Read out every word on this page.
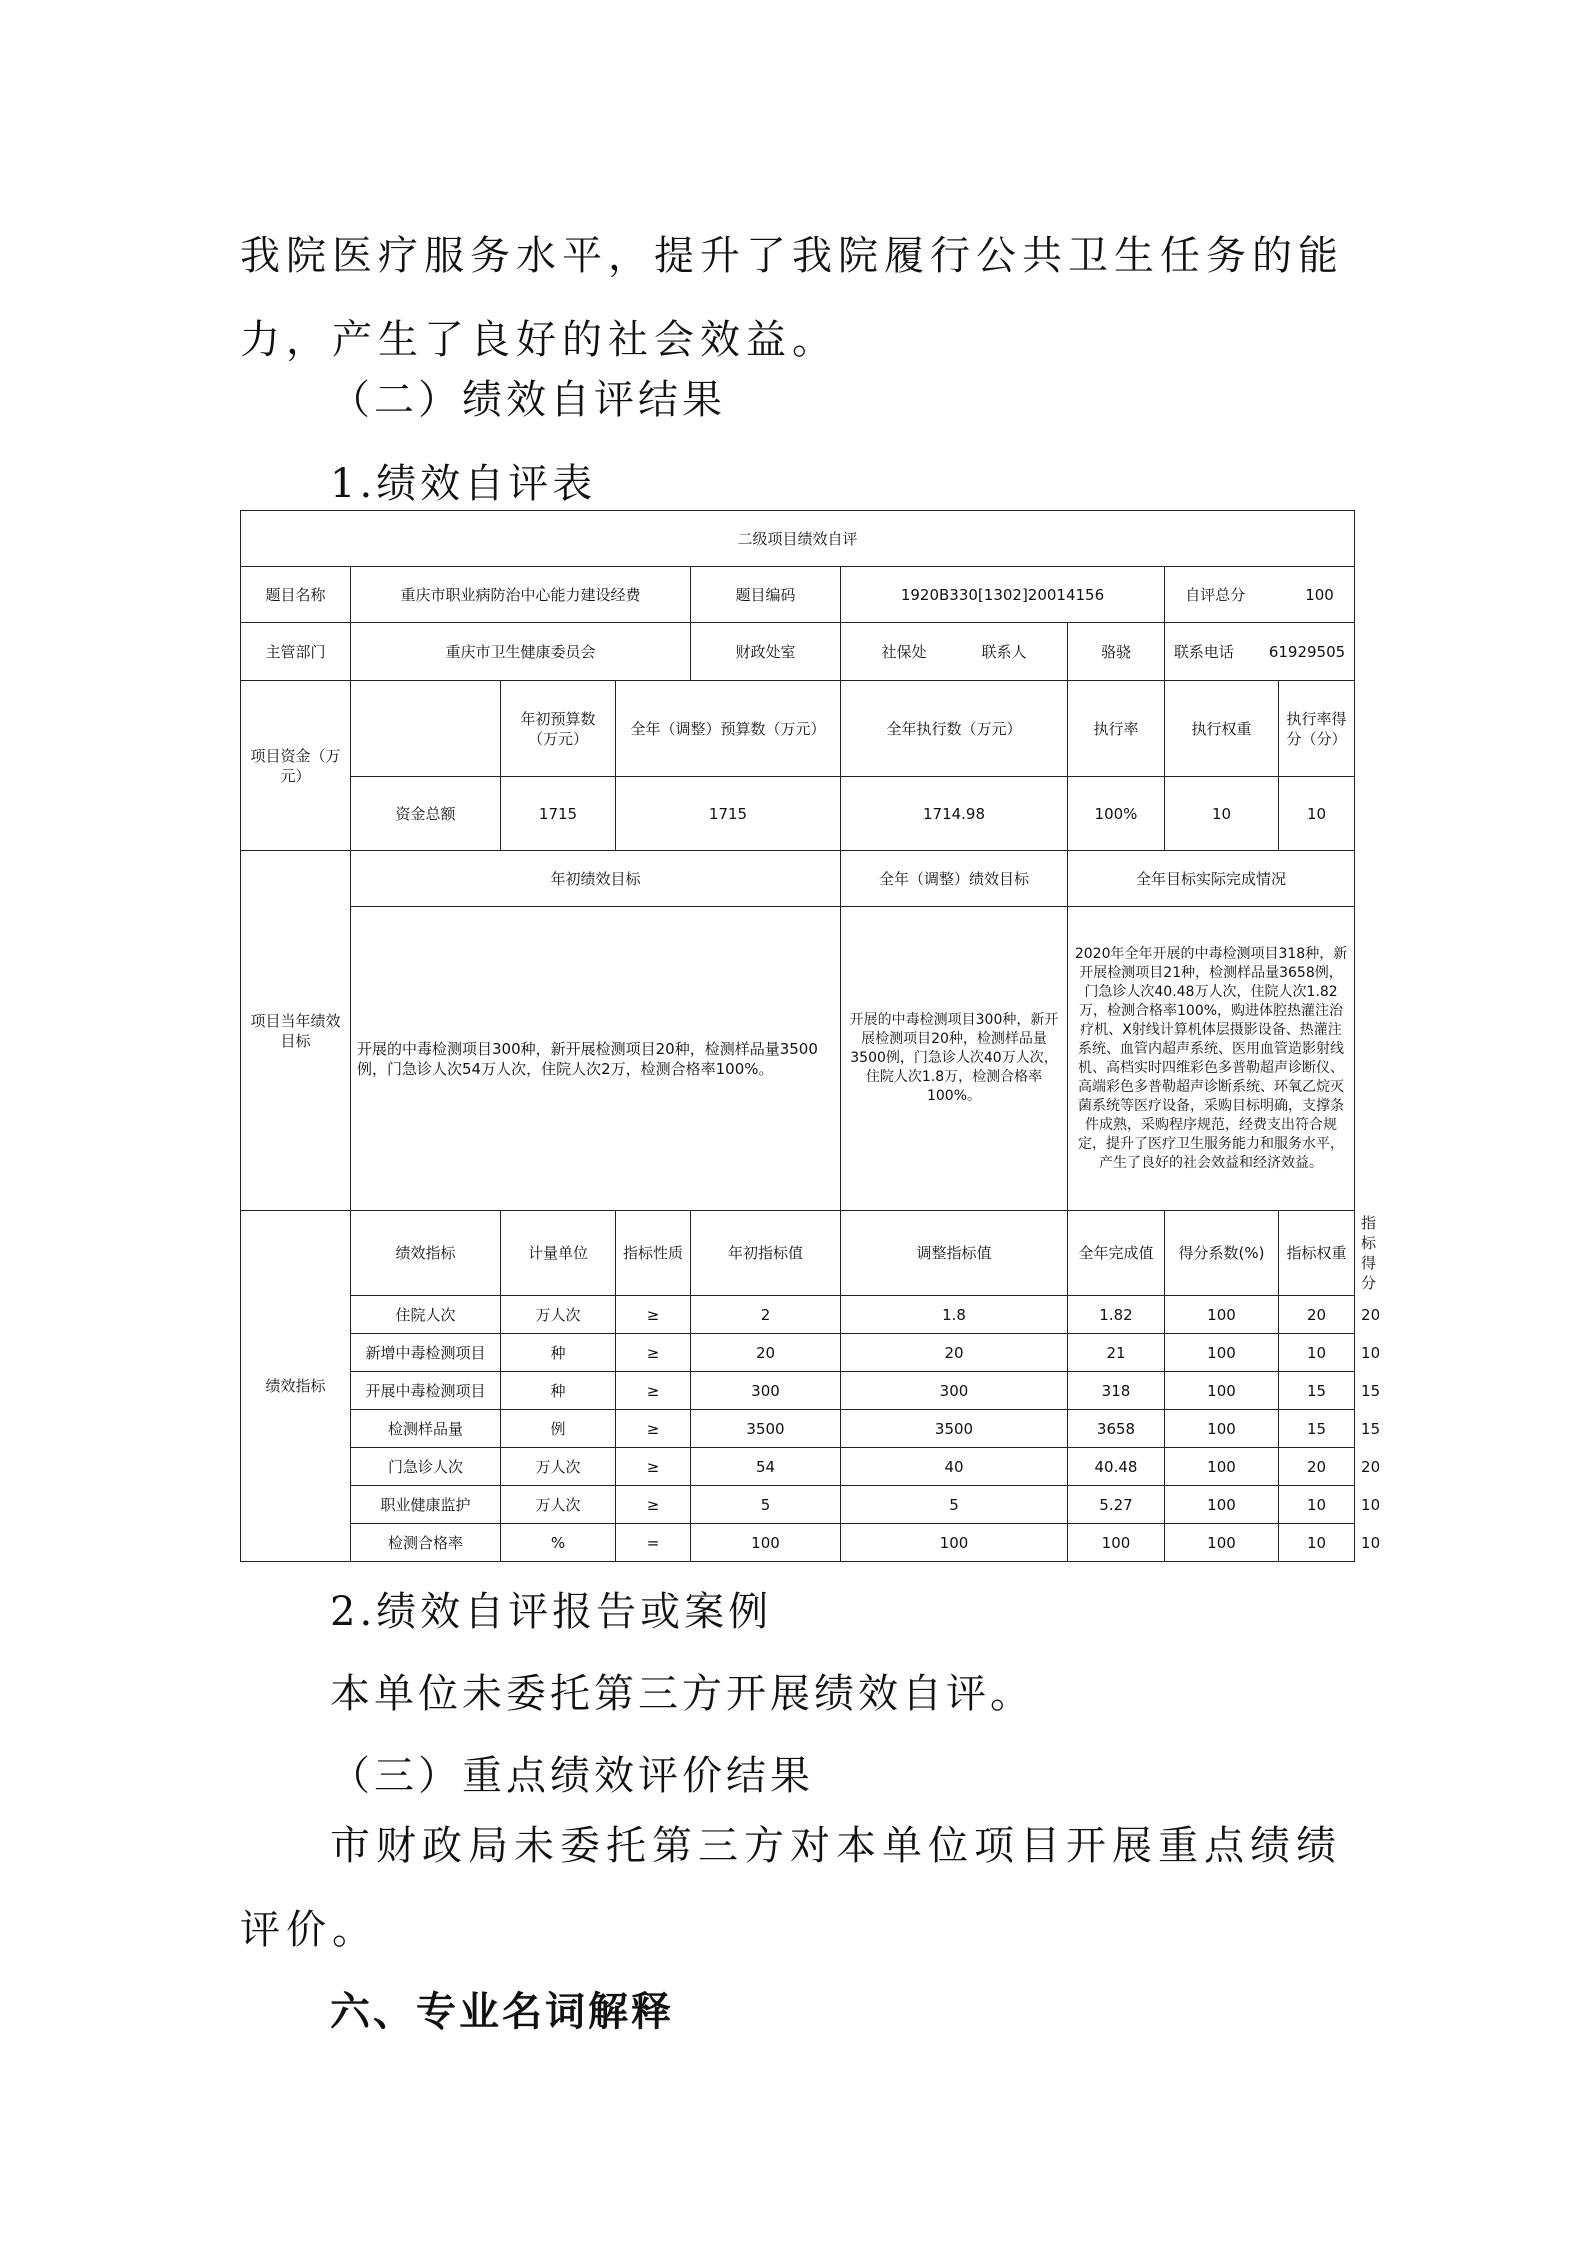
我院医疗服务水平，提升了我院履行公共卫生任务的能力，产生了良好的社会效益。

（二）绩效自评结果

1.绩效自评表

二级项目绩效自评									
题目名称	重庆市职业病防治中心能力建设经费			题目编码	1920B330[1302]20014156		自评总分 100		
主管部门	重庆市卫生健康委员会			财政处室	社保处 联系人	骆骁	联系电话 61929505		
项目资金（万元）		年初预算数（万元）	全年（调整）预算数（万元）		全年执行数（万元）	执行率	执行权重	执行率得分（分）	
	资金总额	1715	1715		1714.98	100%	10	10	
项目当年绩效目标	年初绩效目标				全年（调整）绩效目标	全年目标实际完成情况			
	开展的中毒检测项目300种，新开展检测项目20种，检测样品量3500例，门急诊人次54万人次，住院人次2万，检测合格率100%。				开展的中毒检测项目300种，新开展检测项目20种，检测样品量3500例，门急诊人次40万人次，住院人次1.8万，检测合格率100%。	2020年全年开展的中毒检测项目318种，新开展检测项目21种，检测样品量3658例，门急诊人次40.48万人次，住院人次1.82万，检测合格率100%，购进体腔热灌注治疗机、X射线计算机体层摄影设备、热灌注系统、血管内超声系统、医用血管造影射线机、高档实时四维彩色多普勒超声诊断仪、高端彩色多普勒超声诊断系统、环氧乙烷灭菌系统等医疗设备，采购目标明确，支撑条件成熟，采购程序规范，经费支出符合规定，提升了医疗卫生服务能力和服务水平，产生了良好的社会效益和经济效益。			
绩效指标	绩效指标	计量单位	指标性质	年初指标值	调整指标值	全年完成值	得分系数(%)	指标权重	指标得分
	住院人次	万人次	≥	2	1.8	1.82	100	20	20
	新增中毒检测项目	种	≥	20	20	21	100	10	10
	开展中毒检测项目	种	≥	300	300	318	100	15	15
	检测样品量	例	≥	3500	3500	3658	100	15	15
	门急诊人次	万人次	≥	54	40	40.48	100	20	20
	职业健康监护	万人次	≥	5	5	5.27	100	10	10
	检测合格率	%	=	100	100	100	100	10	10

2.绩效自评报告或案例

本单位未委托第三方开展绩效自评。

（三）重点绩效评价结果

市财政局未委托第三方对本单位项目开展重点绩绩评价。

六、专业名词解释
